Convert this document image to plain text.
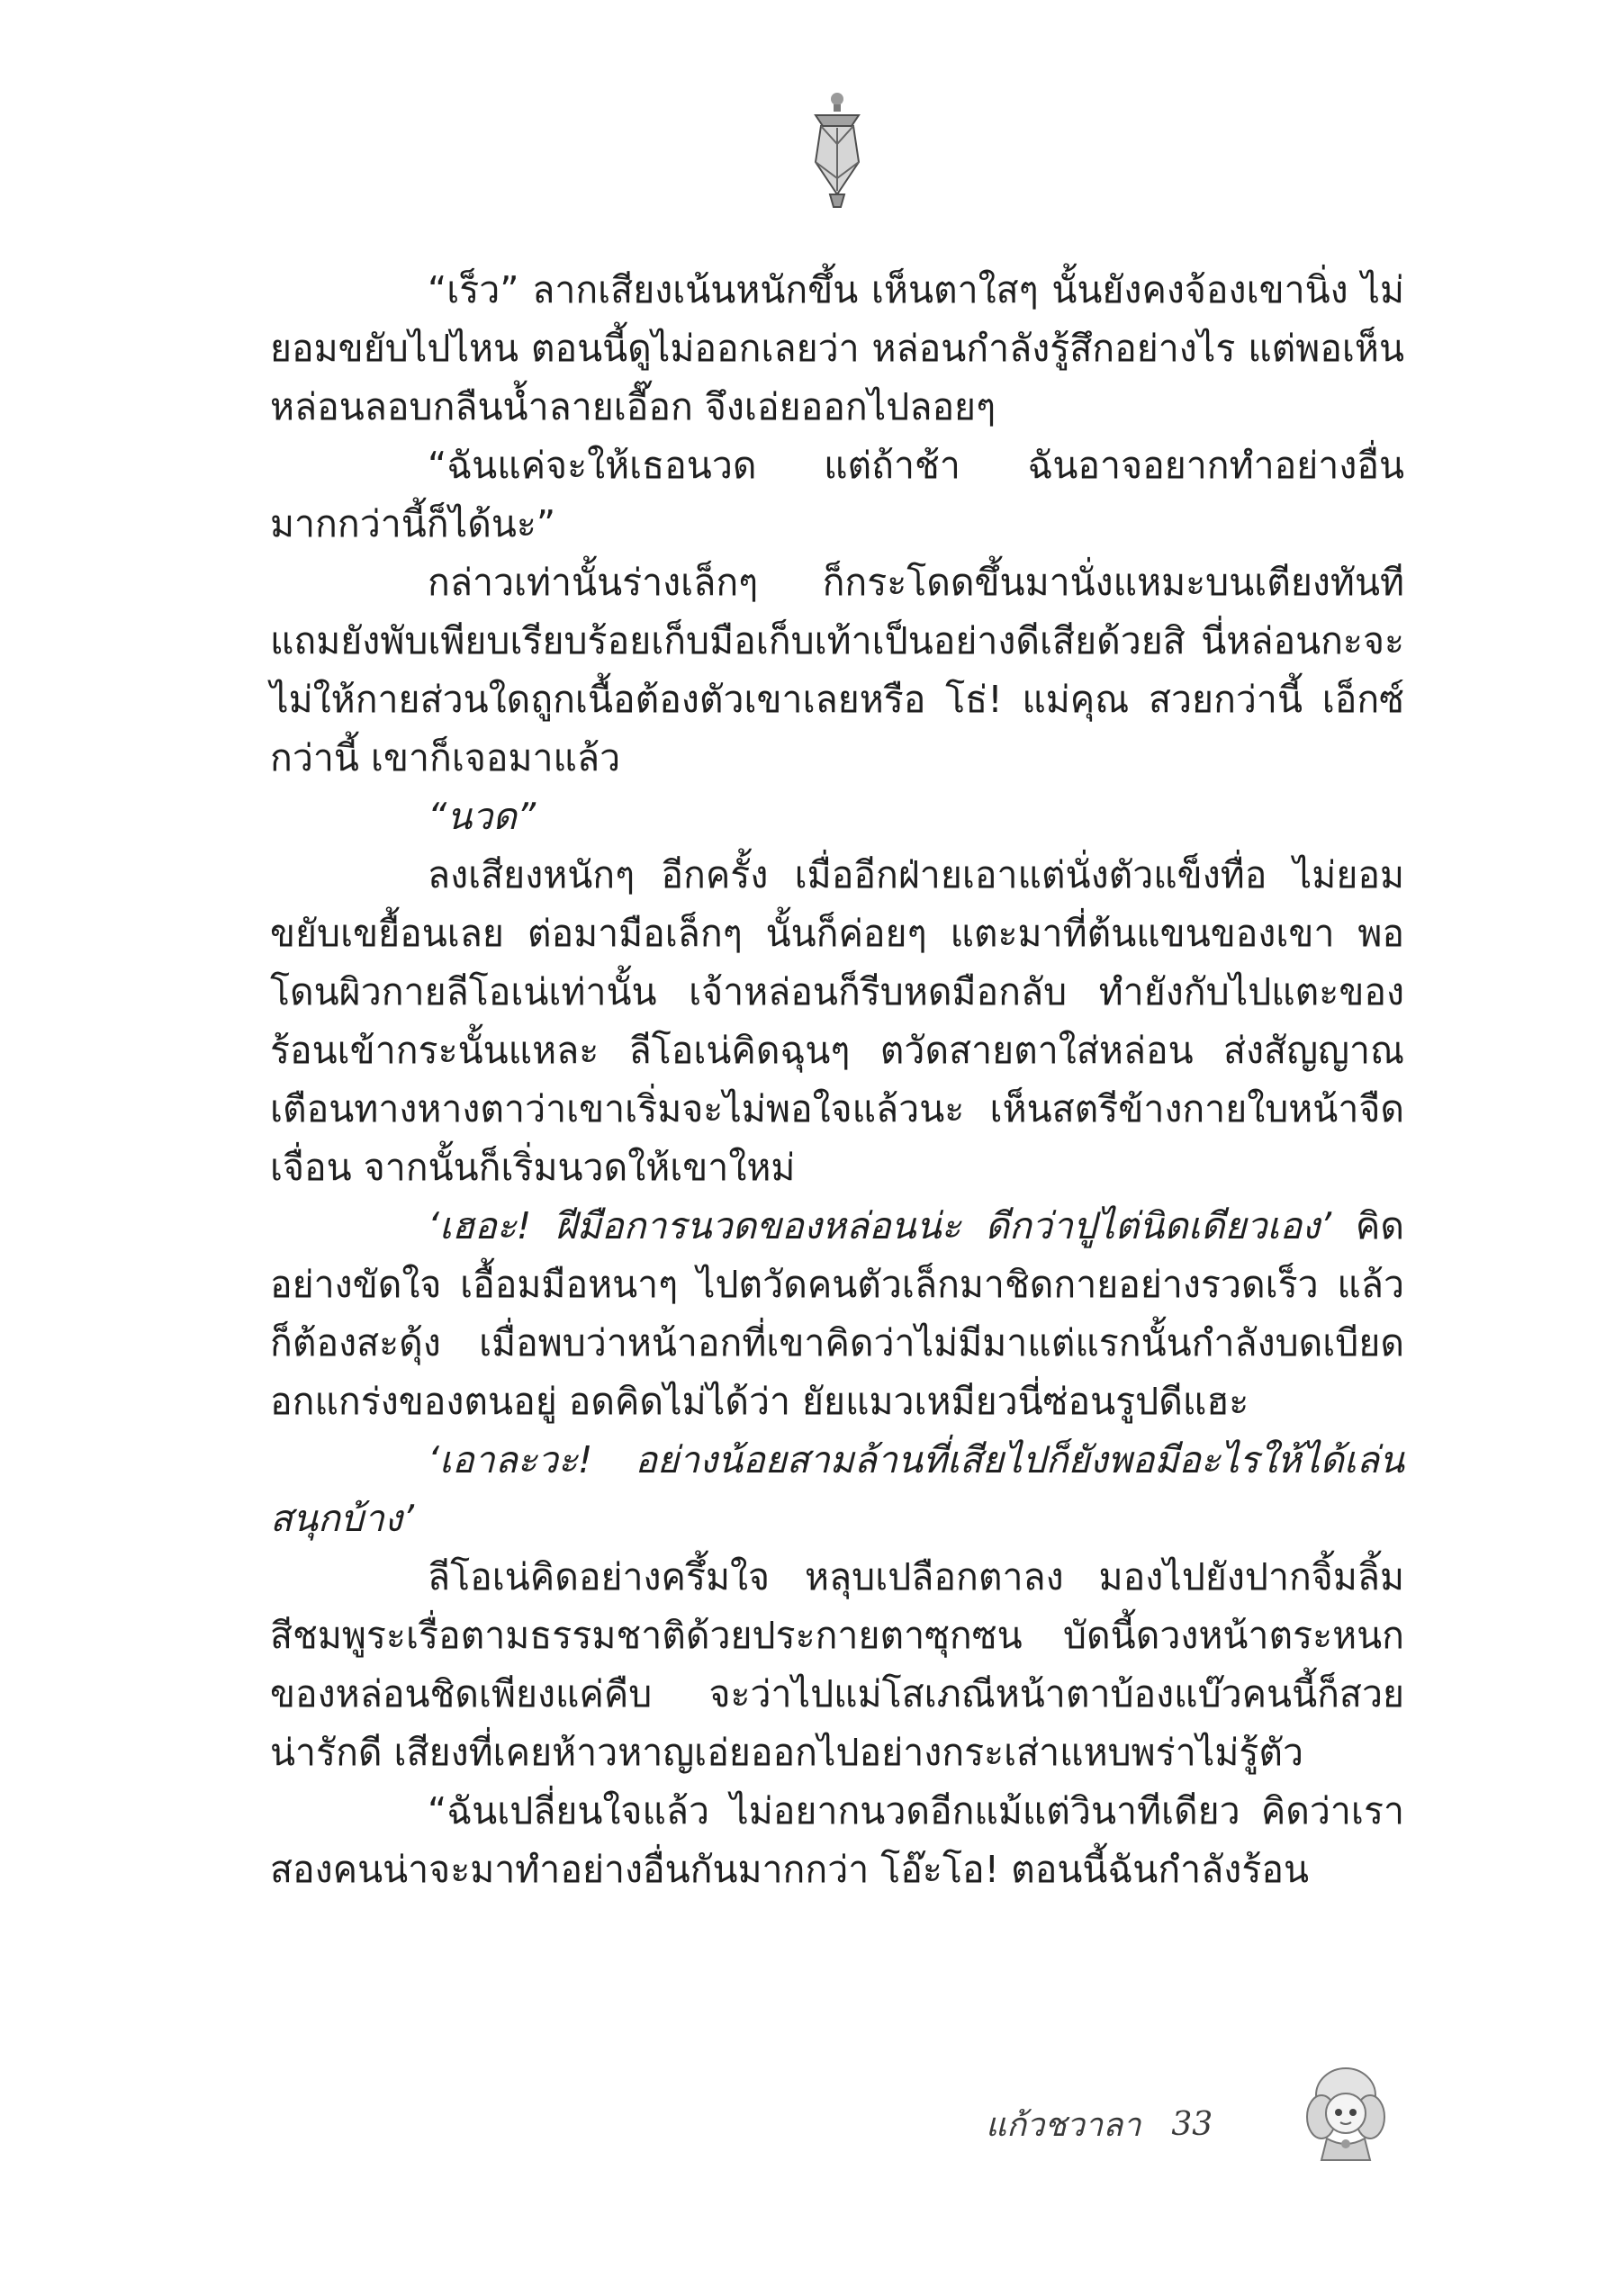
“เร็ว” ลากเสียงเน้นหนักขึ้น เห็นตาใสๆ นั้นยังคงจ้องเขานิ่ง ไม่ยอมขยับไปไหน ตอนนี้ดูไม่ออกเลยว่า หล่อนกำลังรู้สึกอย่างไร แต่พอเห็นหล่อนลอบกลืนน้ำลายเอื๊อก จึงเอ่ยออกไปลอยๆ

“ฉันแค่จะให้เธอนวด แต่ถ้าช้า ฉันอาจอยากทำอย่างอื่นมากกว่านี้ก็ได้นะ”

กล่าวเท่านั้นร่างเล็กๆ ก็กระโดดขึ้นมานั่งแหมะบนเตียงทันที แถมยังพับเพียบเรียบร้อยเก็บมือเก็บเท้าเป็นอย่างดีเสียด้วยสิ นี่หล่อนกะจะไม่ให้กายส่วนใดถูกเนื้อต้องตัวเขาเลยหรือ โธ่! แม่คุณ สวยกว่านี้ เอ็กซ์กว่านี้ เขาก็เจอมาแล้ว

“นวด”

ลงเสียงหนักๆ อีกครั้ง เมื่ออีกฝ่ายเอาแต่นั่งตัวแข็งทื่อ ไม่ยอมขยับเขยื้อนเลย ต่อมามือเล็กๆ นั้นก็ค่อยๆ แตะมาที่ต้นแขนของเขา พอโดนผิวกายลีโอเน่เท่านั้น เจ้าหล่อนก็รีบหดมือกลับ ทำยังกับไปแตะของร้อนเข้ากระนั้นแหละ ลีโอเน่คิดฉุนๆ ตวัดสายตาใส่หล่อน ส่งสัญญาณเตือนทางหางตาว่าเขาเริ่มจะไม่พอใจแล้วนะ เห็นสตรีข้างกายใบหน้าจืดเจื่อน จากนั้นก็เริ่มนวดให้เขาใหม่

‘เฮอะ! ฝีมือการนวดของหล่อนน่ะ ดีกว่าปูไต่นิดเดียวเอง’ คิดอย่างขัดใจ เอื้อมมือหนาๆ ไปตวัดคนตัวเล็กมาชิดกายอย่างรวดเร็ว แล้วก็ต้องสะดุ้ง เมื่อพบว่าหน้าอกที่เขาคิดว่าไม่มีมาแต่แรกนั้นกำลังบดเบียดอกแกร่งของตนอยู่ อดคิดไม่ได้ว่า ยัยแมวเหมียวนี่ซ่อนรูปดีแฮะ

‘เอาละวะ! อย่างน้อยสามล้านที่เสียไปก็ยังพอมีอะไรให้ได้เล่นสนุกบ้าง’

ลีโอเน่คิดอย่างครึ้มใจ หลุบเปลือกตาลง มองไปยังปากจิ้มลิ้มสีชมพูระเรื่อตามธรรมชาติด้วยประกายตาซุกซน บัดนี้ดวงหน้าตระหนกของหล่อนชิดเพียงแค่คืบ จะว่าไปแม่โสเภณีหน้าตาบ้องแบ๊วคนนี้ก็สวยน่ารักดี เสียงที่เคยห้าวหาญเอ่ยออกไปอย่างกระเส่าแหบพร่าไม่รู้ตัว

“ฉันเปลี่ยนใจแล้ว ไม่อยากนวดอีกแม้แต่วินาทีเดียว คิดว่าเราสองคนน่าจะมาทำอย่างอื่นกันมากกว่า โอ๊ะโอ! ตอนนี้ฉันกำลังร้อน

แก้วชวาลา 33
